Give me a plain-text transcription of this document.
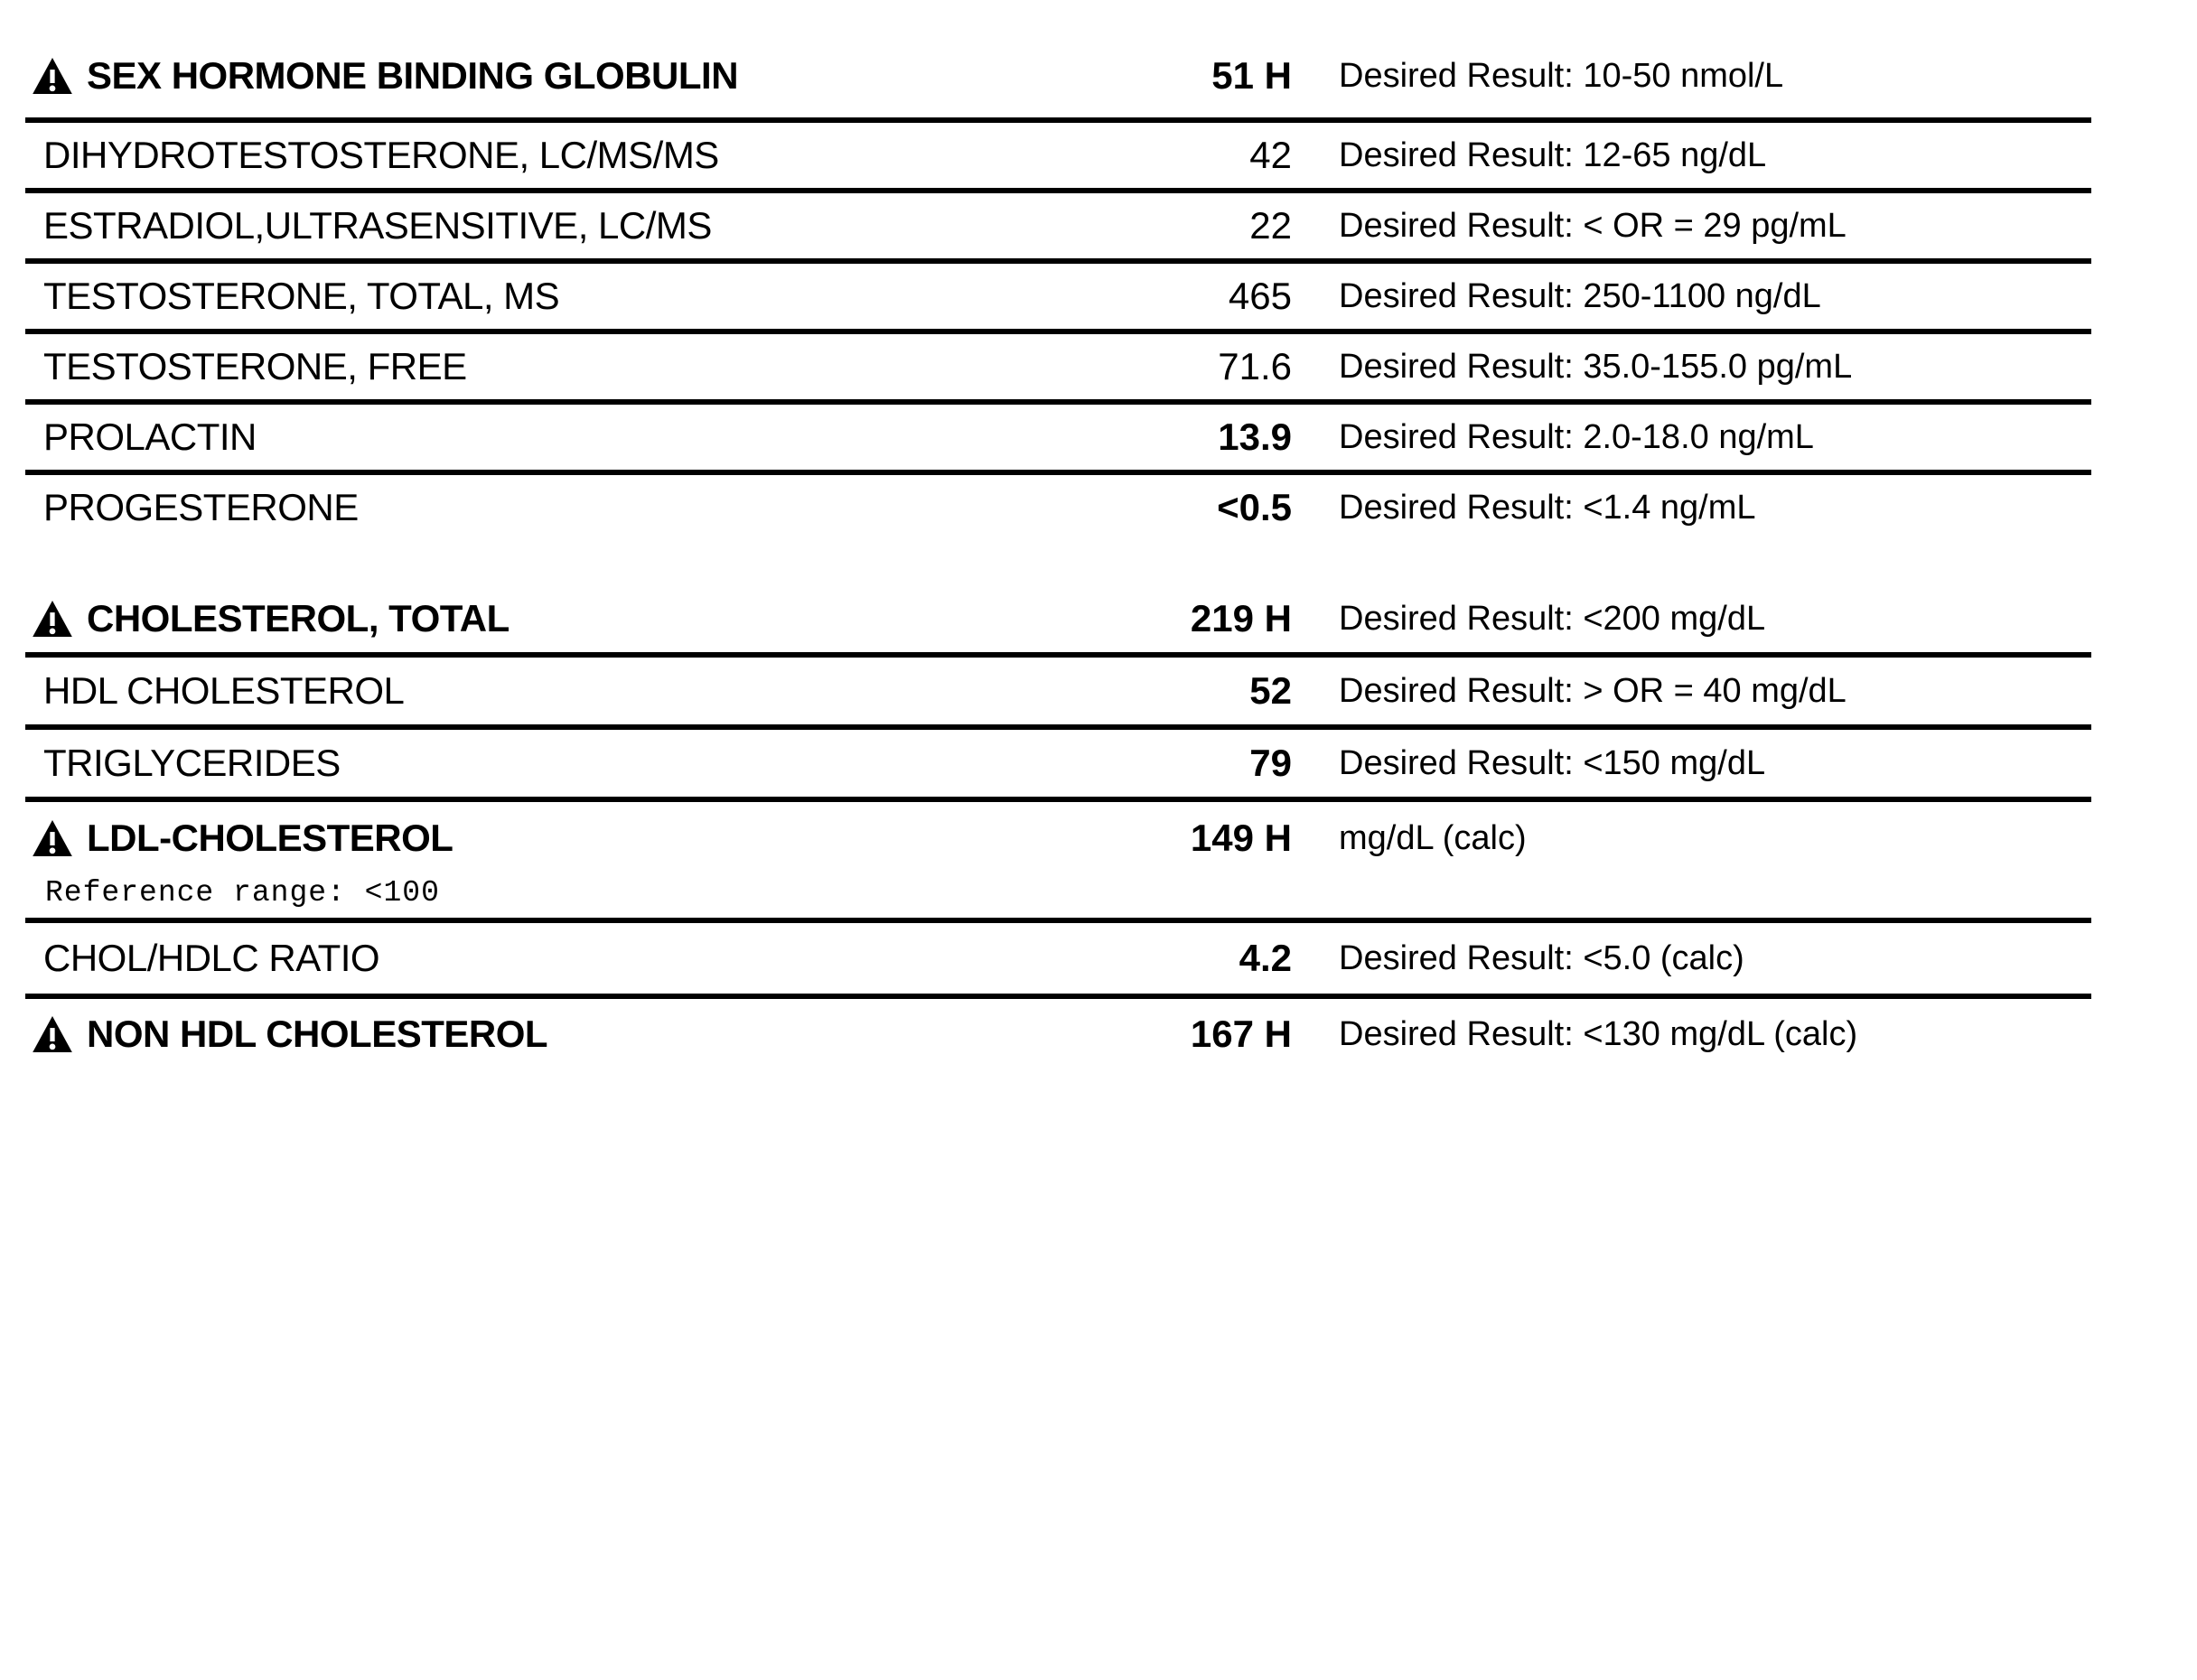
SEX HORMONE BINDING GLOBULIN	51 H Desired Result: 10-50 nmol/L
DIHYDROTESTOSTERONE, LC/MS/MS	42 Desired Result: 12-65 ng/dL
ESTRADIOL,ULTRASENSITIVE, LC/MS	22 Desired Result: < OR = 29 pg/mL
TESTOSTERONE, TOTAL, MS	465 Desired Result: 250-1100 ng/dL
TESTOSTERONE, FREE	71.6 Desired Result: 35.0-155.0 pg/mL
PROLACTIN	13.9 Desired Result: 2.0-18.0 ng/mL
PROGESTERONE	<0.5 Desired Result: <1.4 ng/mL
CHOLESTEROL, TOTAL	219 H Desired Result: <200 mg/dL
HDL CHOLESTEROL	52 Desired Result: > OR = 40 mg/dL
TRIGLYCERIDES	79 Desired Result: <150 mg/dL
LDL-CHOLESTEROL	149 H mg/dL (calc)
Reference range: <100
CHOL/HDLC RATIO	4.2 Desired Result: <5.0 (calc)
NON HDL CHOLESTEROL	167 H Desired Result: <130 mg/dL (calc)
